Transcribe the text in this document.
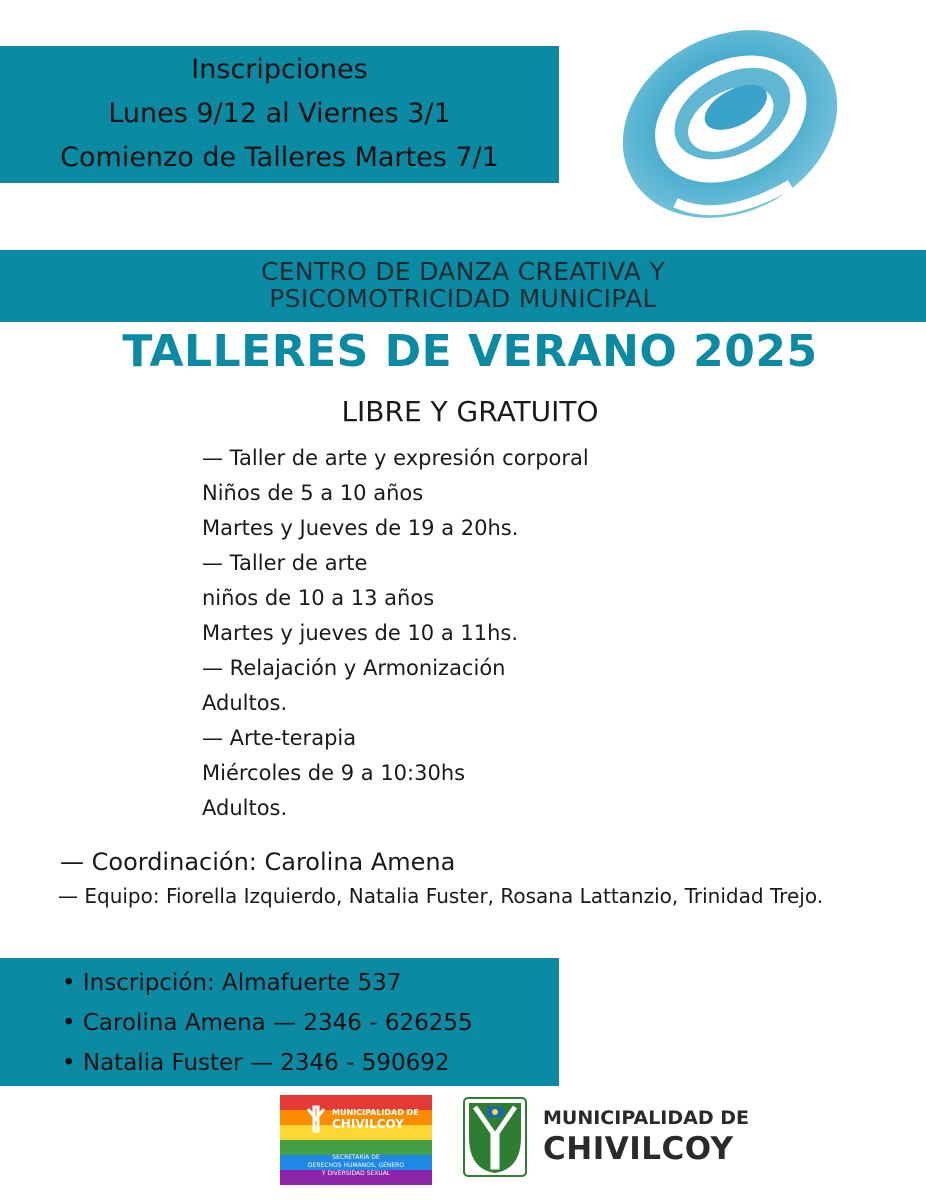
Inscripciones
Lunes 9/12 al Viernes 3/1
Comienzo de Talleres Martes 7/1
CENTRO DE DANZA CREATIVA Y
PSICOMOTRICIDAD MUNICIPAL
TALLERES DE VERANO 2025
LIBRE Y GRATUITO
— Taller de arte y expresión corporal
Niños de 5 a 10 años
Martes y Jueves de 19 a 20hs.
— Taller de arte
niños de 10 a 13 años
Martes y jueves de 10 a 11hs.
— Relajación y Armonización
Adultos.
— Arte-terapia
Miércoles de 9 a 10:30hs
Adultos.
— Coordinación: Carolina Amena
— Equipo: Fiorella Izquierdo, Natalia Fuster, Rosana Lattanzio, Trinidad Trejo.
• Inscripción: Almafuerte 537
• Carolina Amena — 2346 - 626255
• Natalia Fuster — 2346 - 590692
MUNICIPALIDAD DE
CHIVILCOY
SECRETARÍA DE
DERECHOS HUMANOS, GÉNERO
Y DIVERSIDAD SEXUAL
MUNICIPALIDAD DE
CHIVILCOY
